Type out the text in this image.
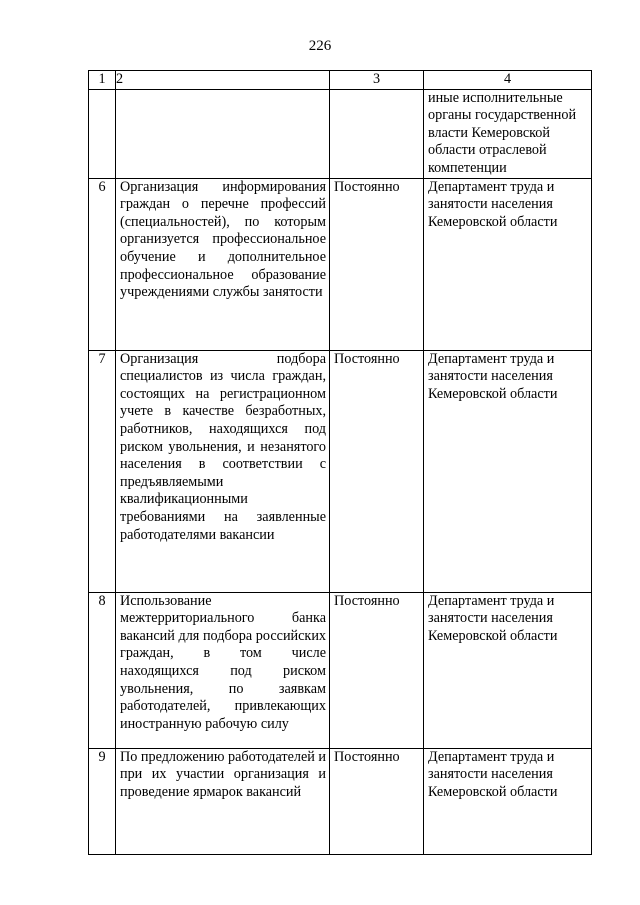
226
1	2	3	4
			иные исполнительные органы государственной власти Кемеровской области отраслевой компетенции
6	Организация информирования граждан о перечне профессий (специальностей), по которым организуется профессиональное обучение и дополнительное профессиональное образование учреждениями службы занятости	Постоянно	Департамент труда и занятости населения Кемеровской области
7	Организация подбора специалистов из числа граждан, состоящих на регистрационном учете в качестве безработных, работников, находящихся под риском увольнения, и незанятого населения в соответствии с предъявляемыми квалификационными требованиями на заявленные работодателями вакансии	Постоянно	Департамент труда и занятости населения Кемеровской области
8	Использование межтерриториального банка вакансий для подбора российских граждан, в том числе находящихся под риском увольнения, по заявкам работодателей, привлекающих иностранную рабочую силу	Постоянно	Департамент труда и занятости населения Кемеровской области
9	По предложению работодателей и при их участии организация и проведение ярмарок вакансий	Постоянно	Департамент труда и занятости населения Кемеровской области
